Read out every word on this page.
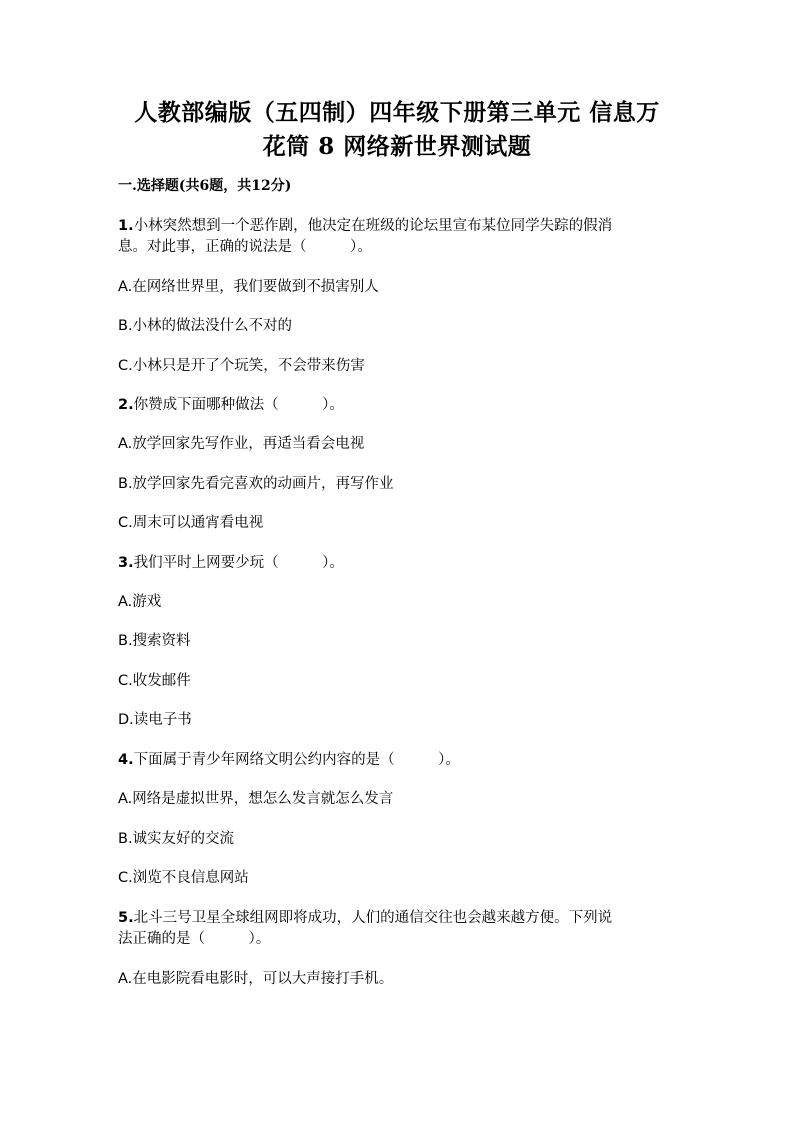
人教部编版（五四制）四年级下册第三单元 信息万
花筒 8 网络新世界测试题
一.选择题(共6题，共12分)
1.小林突然想到一个恶作剧，他决定在班级的论坛里宣布某位同学失踪的假消
息。对此事，正确的说法是（　　　）。
A.在网络世界里，我们要做到不损害别人
B.小林的做法没什么不对的
C.小林只是开了个玩笑，不会带来伤害
2.你赞成下面哪种做法（　　　）。
A.放学回家先写作业，再适当看会电视
B.放学回家先看完喜欢的动画片，再写作业
C.周末可以通宵看电视
3.我们平时上网要少玩（　　　）。
A.游戏
B.搜索资料
C.收发邮件
D.读电子书
4.下面属于青少年网络文明公约内容的是（　　　）。
A.网络是虚拟世界，想怎么发言就怎么发言
B.诚实友好的交流
C.浏览不良信息网站
5.北斗三号卫星全球组网即将成功，人们的通信交往也会越来越方便。下列说
法正确的是（　　　）。
A.在电影院看电影时，可以大声接打手机。
